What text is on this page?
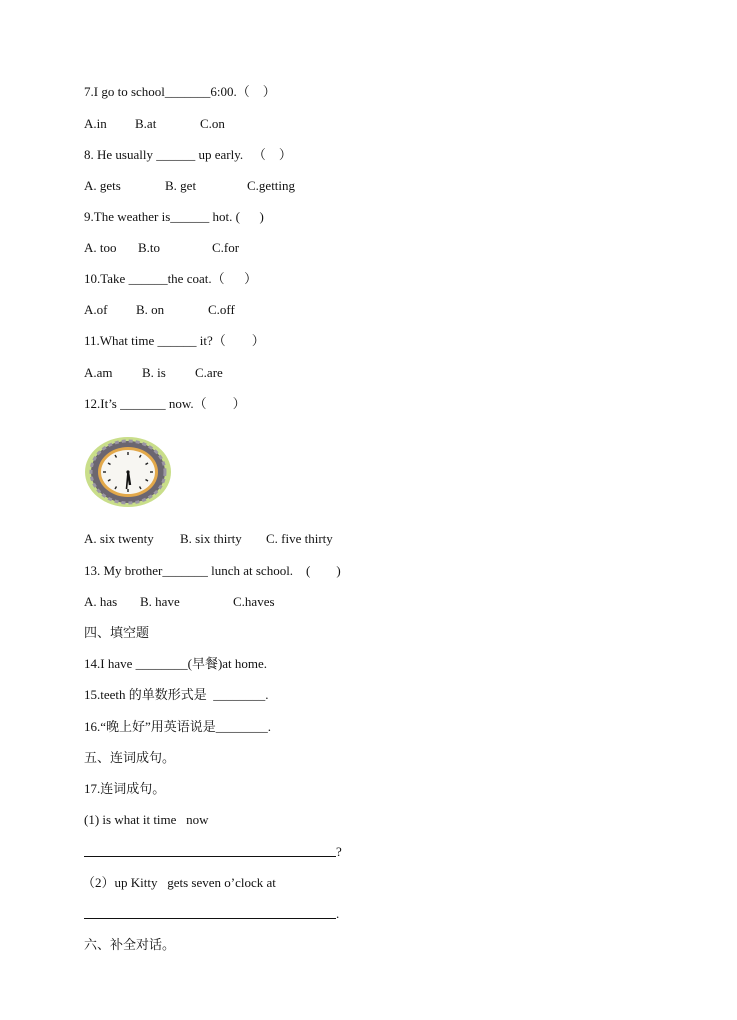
7.I go to school_______6:00.（    ）
A.in B.at	C.on
8. He usually ______ up early.   （    ）
A. gets	B. get	C.getting
9.The weather is______ hot. (      )
A. too B.to	C.for
10.Take ______the coat.（      ）
A.of B. on	C.off
11.What time ______ it?（        ）
A.am B. is C.are
12.It’s _______ now.（        ）
A. six twenty B. six thirty C. five thirty
13. My brother_______ lunch at school.    (        )
A. has B. have	C.haves
四、填空题
14.I have ________(早餐)at home.
15.teeth 的单数形式是  ________.
16.“晚上好”用英语说是________.
五、连词成句。
17.连词成句。
(1) is what it time   now
?
（2）up Kitty   gets seven o’clock at
.
六、补全对话。
